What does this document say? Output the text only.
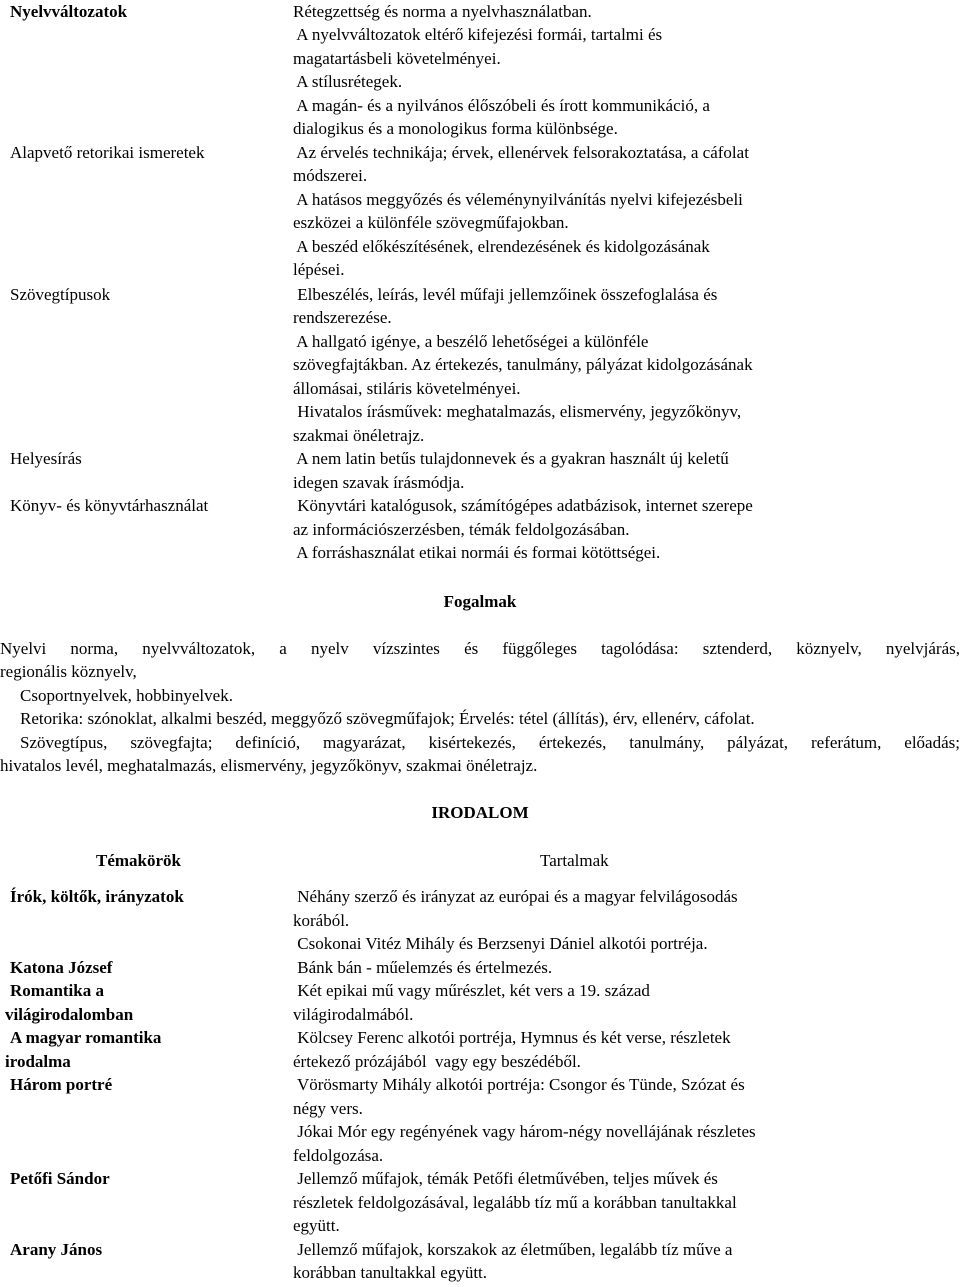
Nyelvváltozatok
Alapvető retorikai ismeretek
Szövegtípusok
Helyesírás
Könyv- és könyvtárhasználat
Rétegzettség és norma a nyelvhasználatban.
A nyelvváltozatok eltérő kifejezési formái, tartalmi és
magatartásbeli követelményei.
A stílusrétegek.
A magán- és a nyilvános élőszóbeli és írott kommunikáció, a
dialogikus és a monologikus forma különbsége.
Az érvelés technikája; érvek, ellenérvek felsorakoztatása, a cáfolat
módszerei.
A hatásos meggyőzés és véleménynyilvánítás nyelvi kifejezésbeli
eszközei a különféle szövegműfajokban.
A beszéd előkészítésének, elrendezésének és kidolgozásának
lépései.
Elbeszélés, leírás, levél műfaji jellemzőinek összefoglalása és
rendszerezése.
A hallgató igénye, a beszélő lehetőségei a különféle
szövegfajtákban. Az értekezés, tanulmány, pályázat kidolgozásának
állomásai, stiláris követelményei.
Hivatalos írásművek: meghatalmazás, elismervény, jegyzőkönyv,
szakmai önéletrajz.
A nem latin betűs tulajdonnevek és a gyakran használt új keletű
idegen szavak írásmódja.
Könyvtári katalógusok, számítógépes adatbázisok, internet szerepe
az információszerzésben, témák feldolgozásában.
A forráshasználat etikai normái és formai kötöttségei.
Fogalmak
Nyelvi norma, nyelvváltozatok, a nyelv vízszintes és függőleges tagolódása: sztenderd, köznyelv, nyelvjárás,
regionális köznyelv,
Csoportnyelvek, hobbinyelvek.
Retorika: szónoklat, alkalmi beszéd, meggyőző szövegműfajok; Érvelés: tétel (állítás), érv, ellenérv, cáfolat.
Szövegtípus, szövegfajta; definíció, magyarázat, kisértekezés, értekezés, tanulmány, pályázat, referátum, előadás;
hivatalos levél, meghatalmazás, elismervény, jegyzőkönyv, szakmai önéletrajz.
IRODALOM
Témakörök	Tartalmak
Írók, költők, irányzatok
Katona József
Romantika a
világirodalomban
A magyar romantika
irodalma
Három portré
Petőfi Sándor
Arany János
Néhány szerző és irányzat az európai és a magyar felvilágosodás
korából.
Csokonai Vitéz Mihály és Berzsenyi Dániel alkotói portréja.
Bánk bán - műelemzés és értelmezés.
Két epikai mű vagy műrészlet, két vers a 19. század
világirodalmából.
Kölcsey Ferenc alkotói portréja, Hymnus és két verse, részletek
értekező prózájából  vagy egy beszédéből.
Vörösmarty Mihály alkotói portréja: Csongor és Tünde, Szózat és
négy vers.
Jókai Mór egy regényének vagy három-négy novellájának részletes
feldolgozása.
Jellemző műfajok, témák Petőfi életművében, teljes művek és
részletek feldolgozásával, legalább tíz mű a korábban tanultakkal
együtt.
Jellemző műfajok, korszakok az életműben, legalább tíz műve a
korábban tanultakkal együtt.
